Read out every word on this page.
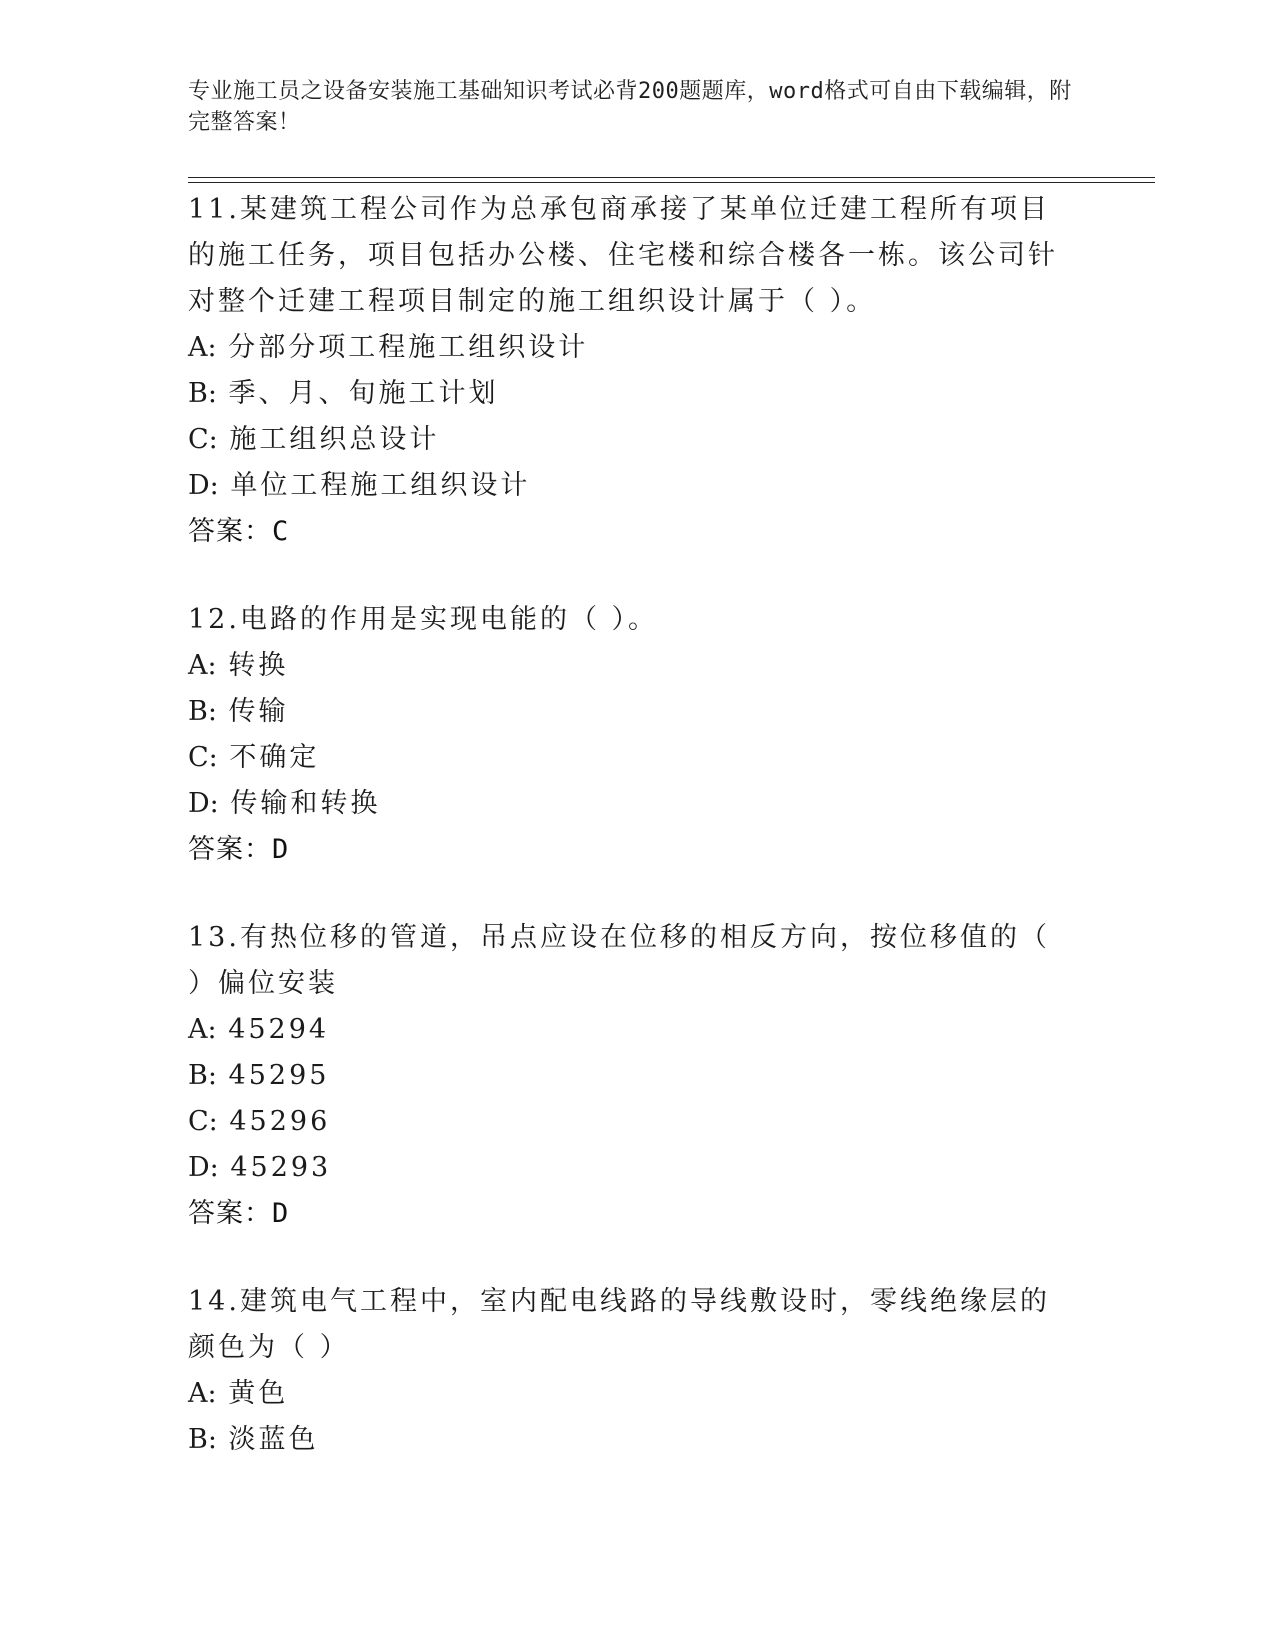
专业施工员之设备安装施工基础知识考试必背200题题库，word格式可自由下载编辑，附完整答案！

11.某建筑工程公司作为总承包商承接了某单位迁建工程所有项目的施工任务，项目包括办公楼、住宅楼和综合楼各一栋。该公司针对整个迁建工程项目制定的施工组织设计属于（ ）。

A: 分部分项工程施工组织设计

B: 季、月、旬施工计划

C: 施工组织总设计

D: 单位工程施工组织设计

答案：C

12.电路的作用是实现电能的（ ）。

A: 转换

B: 传输

C: 不确定

D: 传输和转换

答案：D

13.有热位移的管道，吊点应设在位移的相反方向，按位移值的（ ）偏位安装

A: 45294

B: 45295

C: 45296

D: 45293

答案：D

14.建筑电气工程中，室内配电线路的导线敷设时，零线绝缘层的颜色为（ ）

A: 黄色

B: 淡蓝色
